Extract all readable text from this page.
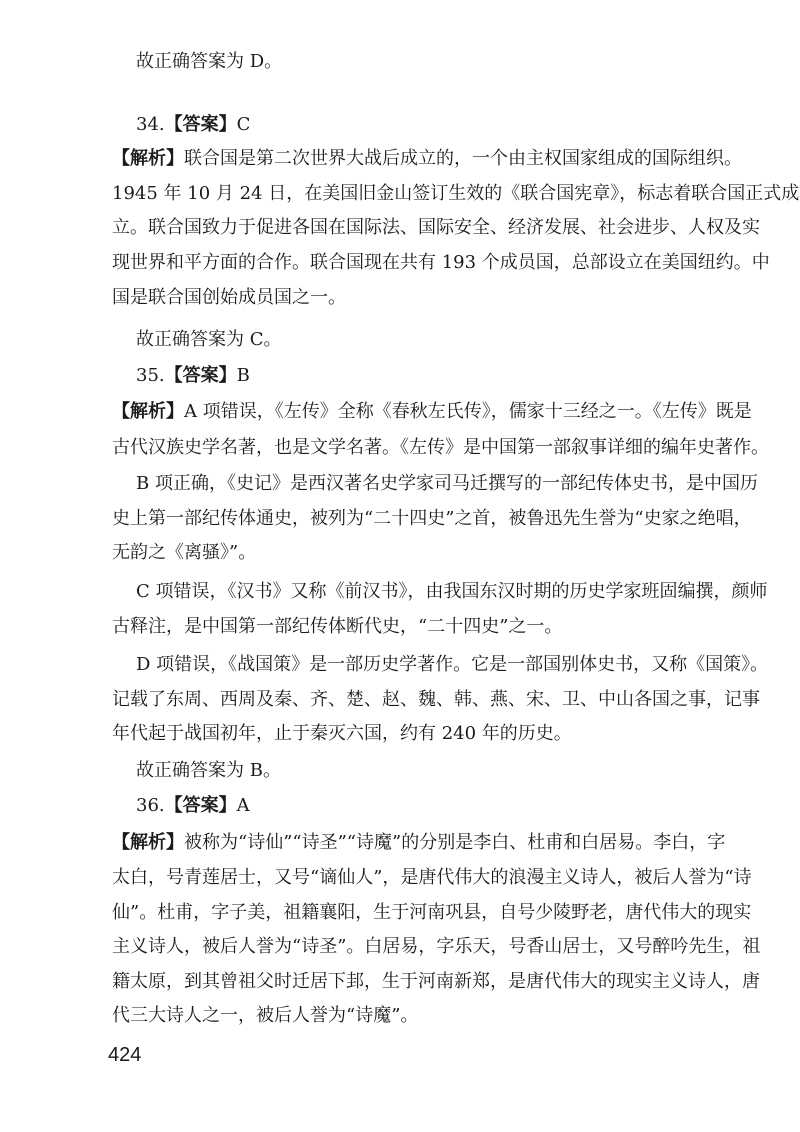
故正确答案为 D。
34.【答案】C
【解析】联合国是第二次世界大战后成立的，一个由主权国家组成的国际组织。
1945 年 10 月 24 日，在美国旧金山签订生效的《联合国宪章》，标志着联合国正式成
立。联合国致力于促进各国在国际法、国际安全、经济发展、社会进步、人权及实
现世界和平方面的合作。联合国现在共有 193 个成员国，总部设立在美国纽约。中
国是联合国创始成员国之一。
故正确答案为 C。
35.【答案】B
【解析】A 项错误，《左传》全称《春秋左氏传》，儒家十三经之一。《左传》既是
古代汉族史学名著，也是文学名著。《左传》是中国第一部叙事详细的编年史著作。
B 项正确，《史记》是西汉著名史学家司马迁撰写的一部纪传体史书，是中国历
史上第一部纪传体通史，被列为“二十四史”之首，被鲁迅先生誉为“史家之绝唱，
无韵之《离骚》”。
C 项错误，《汉书》又称《前汉书》，由我国东汉时期的历史学家班固编撰，颜师
古释注，是中国第一部纪传体断代史，“二十四史”之一。
D 项错误，《战国策》是一部历史学著作。它是一部国别体史书，又称《国策》。
记载了东周、西周及秦、齐、楚、赵、魏、韩、燕、宋、卫、中山各国之事，记事
年代起于战国初年，止于秦灭六国，约有 240 年的历史。
故正确答案为 B。
36.【答案】A
【解析】被称为“诗仙”“诗圣”“诗魔”的分别是李白、杜甫和白居易。李白，字
太白，号青莲居士，又号“谪仙人”，是唐代伟大的浪漫主义诗人，被后人誉为“诗
仙”。杜甫，字子美，祖籍襄阳，生于河南巩县，自号少陵野老，唐代伟大的现实
主义诗人，被后人誉为“诗圣”。白居易，字乐天，号香山居士，又号醉吟先生，祖
籍太原，到其曾祖父时迁居下邽，生于河南新郑，是唐代伟大的现实主义诗人，唐
代三大诗人之一，被后人誉为“诗魔”。
424
